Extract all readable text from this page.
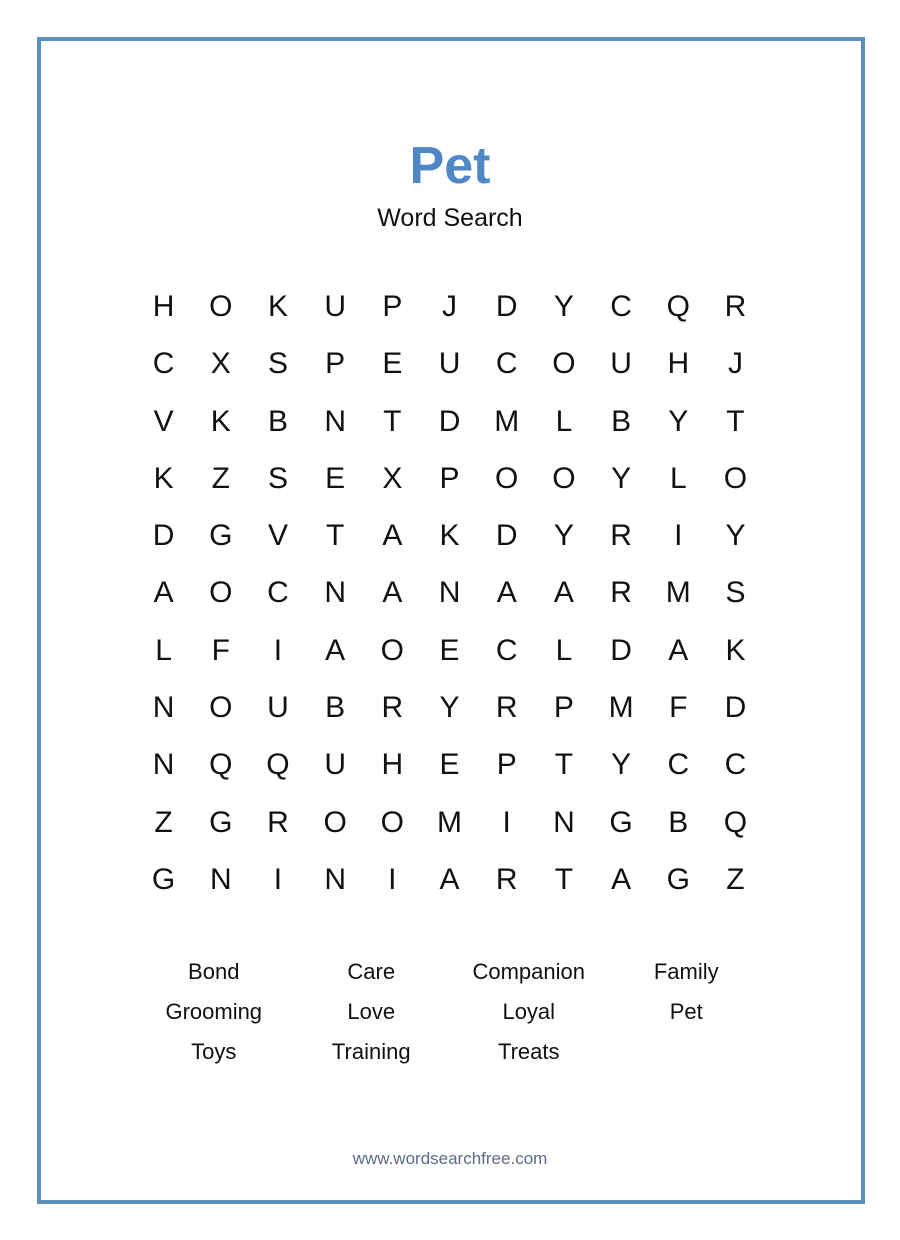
Pet
Word Search
H	O	K	U	P	J	D	Y	C	Q	R
C	X	S	P	E	U	C	O	U	H	J
V	K	B	N	T	D	M	L	B	Y	T
K	Z	S	E	X	P	O	O	Y	L	O
D	G	V	T	A	K	D	Y	R	I	Y
A	O	C	N	A	N	A	A	R	M	S
L	F	I	A	O	E	C	L	D	A	K
N	O	U	B	R	Y	R	P	M	F	D
N	Q	Q	U	H	E	P	T	Y	C	C
Z	G	R	O	O	M	I	N	G	B	Q
G	N	I	N	I	A	R	T	A	G	Z
Bond	Care	Companion	Family
Grooming	Love	Loyal	Pet
Toys	Training	Treats
www.wordsearchfree.com
